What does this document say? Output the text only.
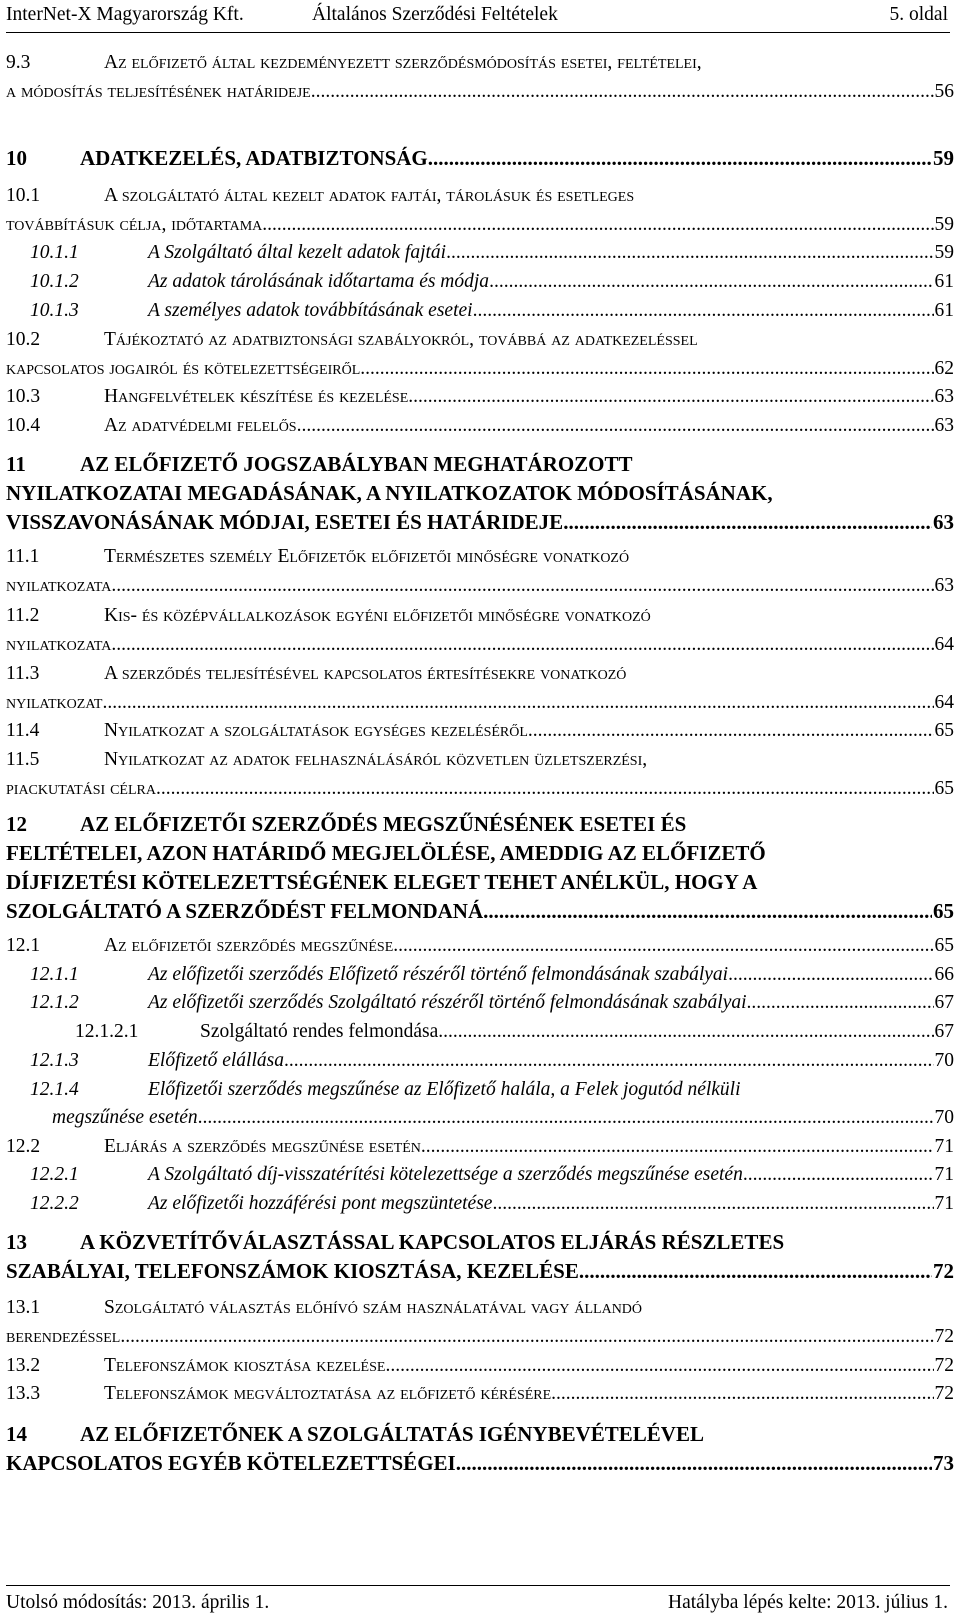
InterNet-X Magyarország Kft.	Általános Szerződési Feltételek	5. oldal
9.3	Az előfizető által kezdeményezett szerződésmódosítás esetei, feltételei,
a módosítás teljesítésének határideje .....	56
10	ADATKEZELÉS, ADATBIZTONSÁG .....	59
10.1	A szolgáltató által kezelt adatok fajtái, tárolásuk és esetleges
továbbításuk célja, időtartama .....	59
10.1.1	A Szolgáltató által kezelt adatok fajtái .....	59
10.1.2	Az adatok tárolásának időtartama és módja .....	61
10.1.3	A személyes adatok továbbításának esetei .....	61
10.2	Tájékoztató az adatbiztonsági szabályokról, továbbá az adatkezeléssel
kapcsolatos jogairól és kötelezettségeiről .....	62
10.3	Hangfelvételek készítése és kezelése .....	63
10.4	Az adatvédelmi felelős .....	63
11	AZ ELŐFIZETŐ JOGSZABÁLYBAN MEGHATÁROZOTT
NYILATKOZATAI MEGADÁSÁNAK, A NYILATKOZATOK MÓDOSÍTÁSÁNAK,
VISSZAVONÁSÁNAK MÓDJAI, ESETEI ÉS HATÁRIDEJE .....	63
11.1	Természetes személy Előfizetők előfizetői minőségre vonatkozó
nyilatkozata .....	63
11.2	Kis- és középvállalkozások egyéni előfizetői minőségre vonatkozó
nyilatkozata .....	64
11.3	A szerződés teljesítésével kapcsolatos értesítésekre vonatkozó
nyilatkozat .....	64
11.4	Nyilatkozat a szolgáltatások egységes kezeléséről .....	65
11.5	Nyilatkozat az adatok felhasználásáról közvetlen üzletszerzési,
piackutatási célra .....	65
12	AZ ELŐFIZETŐI SZERZŐDÉS MEGSZŰNÉSÉNEK ESETEI ÉS
FELTÉTELEI, AZON HATÁRIDŐ MEGJELÖLÉSE, AMEDDIG AZ ELŐFIZETŐ
DÍJFIZETÉSI KÖTELEZETTSÉGÉNEK ELEGET TEHET ANÉLKÜL, HOGY A
SZOLGÁLTATÓ A SZERZŐDÉST FELMONDANÁ .....	65
12.1	Az előfizetői szerződés megszűnése .....	65
12.1.1	Az előfizetői szerződés Előfizető részéről történő felmondásának szabályai .....	66
12.1.2	Az előfizetői szerződés Szolgáltató részéről történő felmondásának szabályai .....	67
12.1.2.1	Szolgáltató rendes felmondása .....	67
12.1.3	Előfizető elállása .....	70
12.1.4	Előfizetői szerződés megszűnése az Előfizető halála, a Felek jogutód nélküli
megszűnése esetén .....	70
12.2	Eljárás a szerződés megszűnése esetén .....	71
12.2.1	A Szolgáltató díj-visszatérítési kötelezettsége a szerződés megszűnése esetén .....	71
12.2.2	Az előfizetői hozzáférési pont megszüntetése .....	71
13	A KÖZVETÍTŐVÁLASZTÁSSAL KAPCSOLATOS ELJÁRÁS RÉSZLETES
SZABÁLYAI, TELEFONSZÁMOK KIOSZTÁSA, KEZELÉSE .....	72
13.1	Szolgáltató választás előhívó szám használatával vagy állandó
berendezéssel .....	72
13.2	Telefonszámok kiosztása kezelése .....	72
13.3	Telefonszámok megváltoztatása az előfizető kérésére .....	72
14	AZ ELŐFIZETŐNEK A SZOLGÁLTATÁS IGÉNYBEVÉTELÉVEL
KAPCSOLATOS EGYÉB KÖTELEZETTSÉGEI .....	73
Utolsó módosítás: 2013. április 1.	Hatályba lépés kelte: 2013. július 1.
